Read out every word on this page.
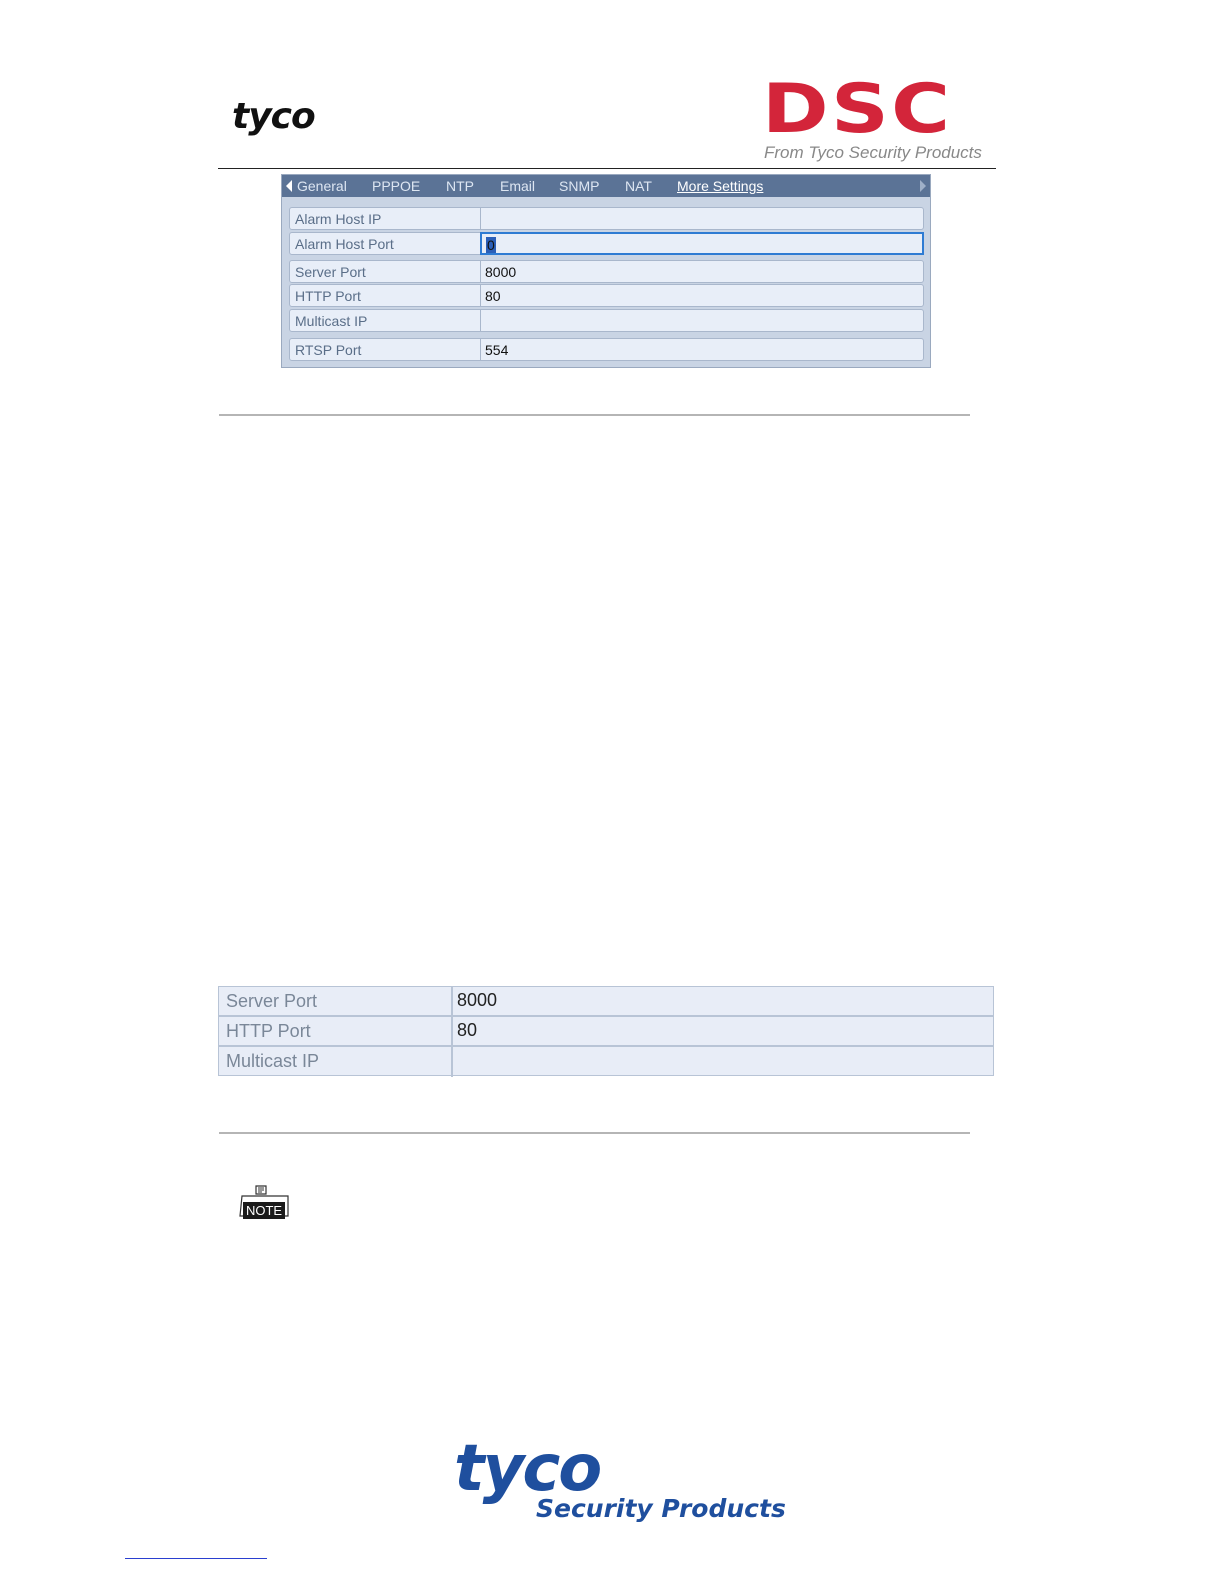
tyco	DSC
From Tyco Security Products
General PPPOE NTP Email SNMP NAT More Settings
Alarm Host IP
Alarm Host Port	0
Server Port	8000
HTTP Port	80
Multicast IP
RTSP Port	554
Server Port	8000
HTTP Port	80
Multicast IP
NOTE
tyco
Security Products
